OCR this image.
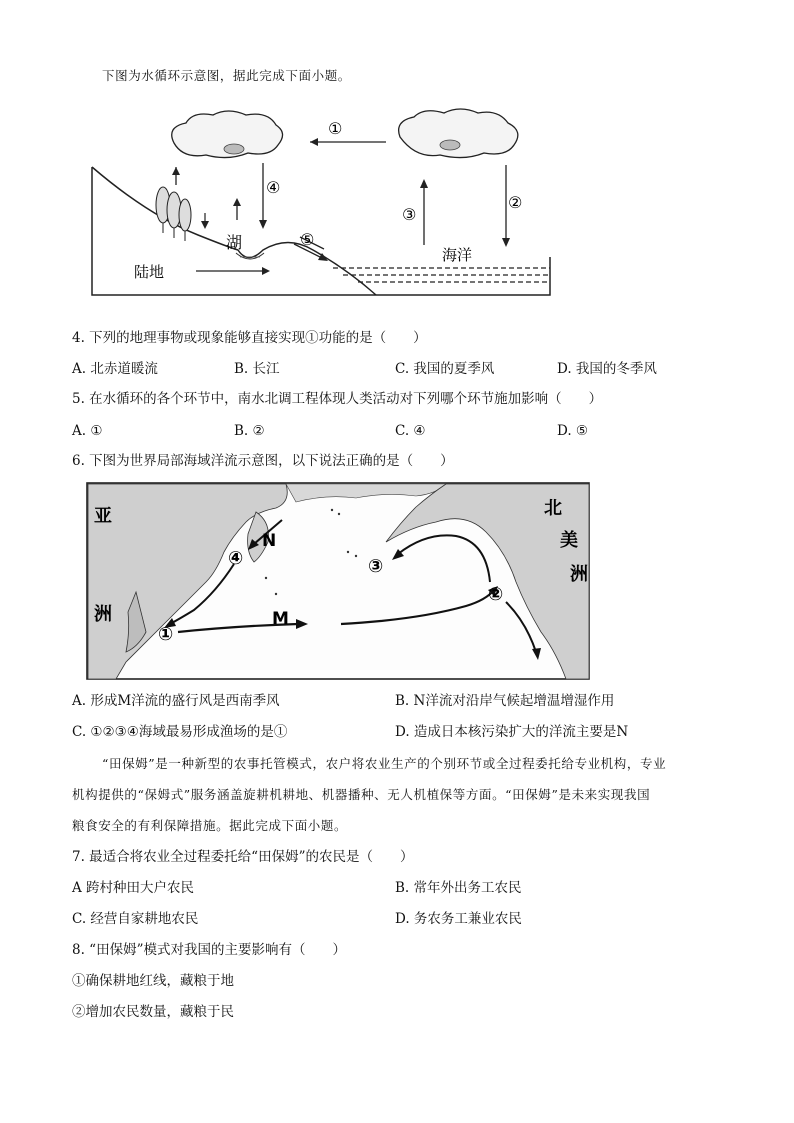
下图为水循环示意图，据此完成下面小题。
①
②
③
④
⑤
湖
陆地
海洋
4. 下列的地理事物或现象能够直接实现①功能的是（　　）
A. 北赤道暖流	B. 长江	C. 我国的夏季风	D. 我国的冬季风
5. 在水循环的各个环节中，南水北调工程体现人类活动对下列哪个环节施加影响（　　）
A. ①	B. ②	C. ④	D. ⑤
6. 下图为世界局部海域洋流示意图，以下说法正确的是（　　）
亚
洲
北
美
洲
N
M
①
②
③
④
A. 形成M洋流的盛行风是西南季风	B. N洋流对沿岸气候起增温增湿作用
C. ①②③④海域最易形成渔场的是①	D. 造成日本核污染扩大的洋流主要是N
“田保姆”是一种新型的农事托管模式，农户将农业生产的个别环节或全过程委托给专业机构，专业
机构提供的“保姆式”服务涵盖旋耕机耕地、机器播种、无人机植保等方面。“田保姆”是未来实现我国
粮食安全的有利保障措施。据此完成下面小题。
7. 最适合将农业全过程委托给“田保姆”的农民是（　　）
A 跨村种田大户农民	B. 常年外出务工农民
C. 经营自家耕地农民	D. 务农务工兼业农民
8. “田保姆”模式对我国的主要影响有（　　）
①确保耕地红线，藏粮于地
②增加农民数量，藏粮于民
